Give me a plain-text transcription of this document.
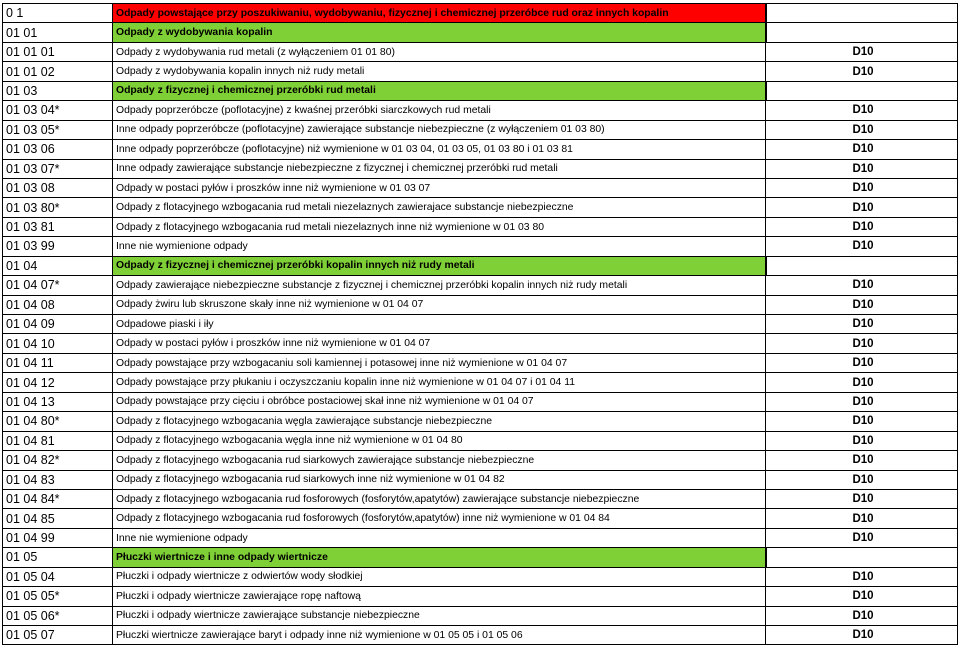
0 1	Odpady powstające przy poszukiwaniu, wydobywaniu, fizycznej i chemicznej przeróbce rud oraz innych kopalin	
01 01	Odpady z wydobywania kopalin	
01 01 01	Odpady z wydobywania rud metali (z wyłączeniem 01 01 80)	D10
01 01 02	Odpady z wydobywania kopalin innych niż rudy metali	D10
01 03	Odpady z fizycznej i chemicznej przeróbki rud metali	
01 03 04*	Odpady poprzeróbcze (poflotacyjne) z kwaśnej przeróbki siarczkowych rud metali	D10
01 03 05*	Inne odpady poprzeróbcze (poflotacyjne) zawierające substancje niebezpieczne (z wyłączeniem 01 03 80)	D10
01 03 06	Inne odpady poprzeróbcze (poflotacyjne) niż wymienione w 01 03 04, 01 03 05, 01 03 80 i 01 03 81	D10
01 03 07*	Inne odpady zawierające substancje niebezpieczne z fizycznej i chemicznej przeróbki rud metali	D10
01 03 08	Odpady w postaci pyłów i proszków inne niż wymienione w 01 03 07	D10
01 03 80*	Odpady z flotacyjnego wzbogacania rud metali niezelaznych zawierajace substancje niebezpieczne	D10
01 03 81	Odpady z flotacyjnego wzbogacania rud metali niezelaznych inne niż wymienione w 01 03 80	D10
01 03 99	Inne nie wymienione odpady	D10
01 04	Odpady z fizycznej i chemicznej przeróbki kopalin innych niż rudy metali	
01 04 07*	Odpady zawierające niebezpieczne substancje z fizycznej i chemicznej przeróbki kopalin innych niż rudy metali	D10
01 04 08	Odpady żwiru lub skruszone skały inne niż wymienione w 01 04 07	D10
01 04 09	Odpadowe piaski i iły	D10
01 04 10	Odpady w postaci pyłów i proszków inne niż wymienione w 01 04 07	D10
01 04 11	Odpady powstające przy wzbogacaniu soli kamiennej i potasowej inne niż wymienione w 01 04 07	D10
01 04 12	Odpady powstające przy płukaniu i oczyszczaniu kopalin inne niż wymienione w 01 04 07 i 01 04 11	D10
01 04 13	Odpady powstające przy cięciu i obróbce postaciowej skał inne niż wymienione w 01 04 07	D10
01 04 80*	Odpady z flotacyjnego wzbogacania węgla zawierające substancje niebezpieczne	D10
01 04 81	Odpady z flotacyjnego wzbogacania węgla inne niż wymienione w 01 04 80	D10
01 04 82*	Odpady z flotacyjnego wzbogacania rud siarkowych zawierające substancje niebezpieczne	D10
01 04 83	Odpady z flotacyjnego wzbogacania rud siarkowych inne niż wymienione w 01 04 82	D10
01 04 84*	Odpady z flotacyjnego wzbogacania rud fosforowych (fosforytów,apatytów) zawierające substancje niebezpieczne	D10
01 04 85	Odpady z flotacyjnego wzbogacania rud fosforowych (fosforytów,apatytów) inne niż wymienione w 01 04 84	D10
01 04 99	Inne nie wymienione odpady	D10
01 05	Płuczki wiertnicze i inne odpady wiertnicze	
01 05 04	Płuczki i odpady wiertnicze z odwiertów wody słodkiej	D10
01 05 05*	Płuczki i odpady wiertnicze zawierające ropę naftową	D10
01 05 06*	Płuczki i odpady wiertnicze zawierające substancje niebezpieczne	D10
01 05 07	Płuczki wiertnicze zawierające baryt i odpady inne niż wymienione w 01 05 05 i 01 05 06	D10
